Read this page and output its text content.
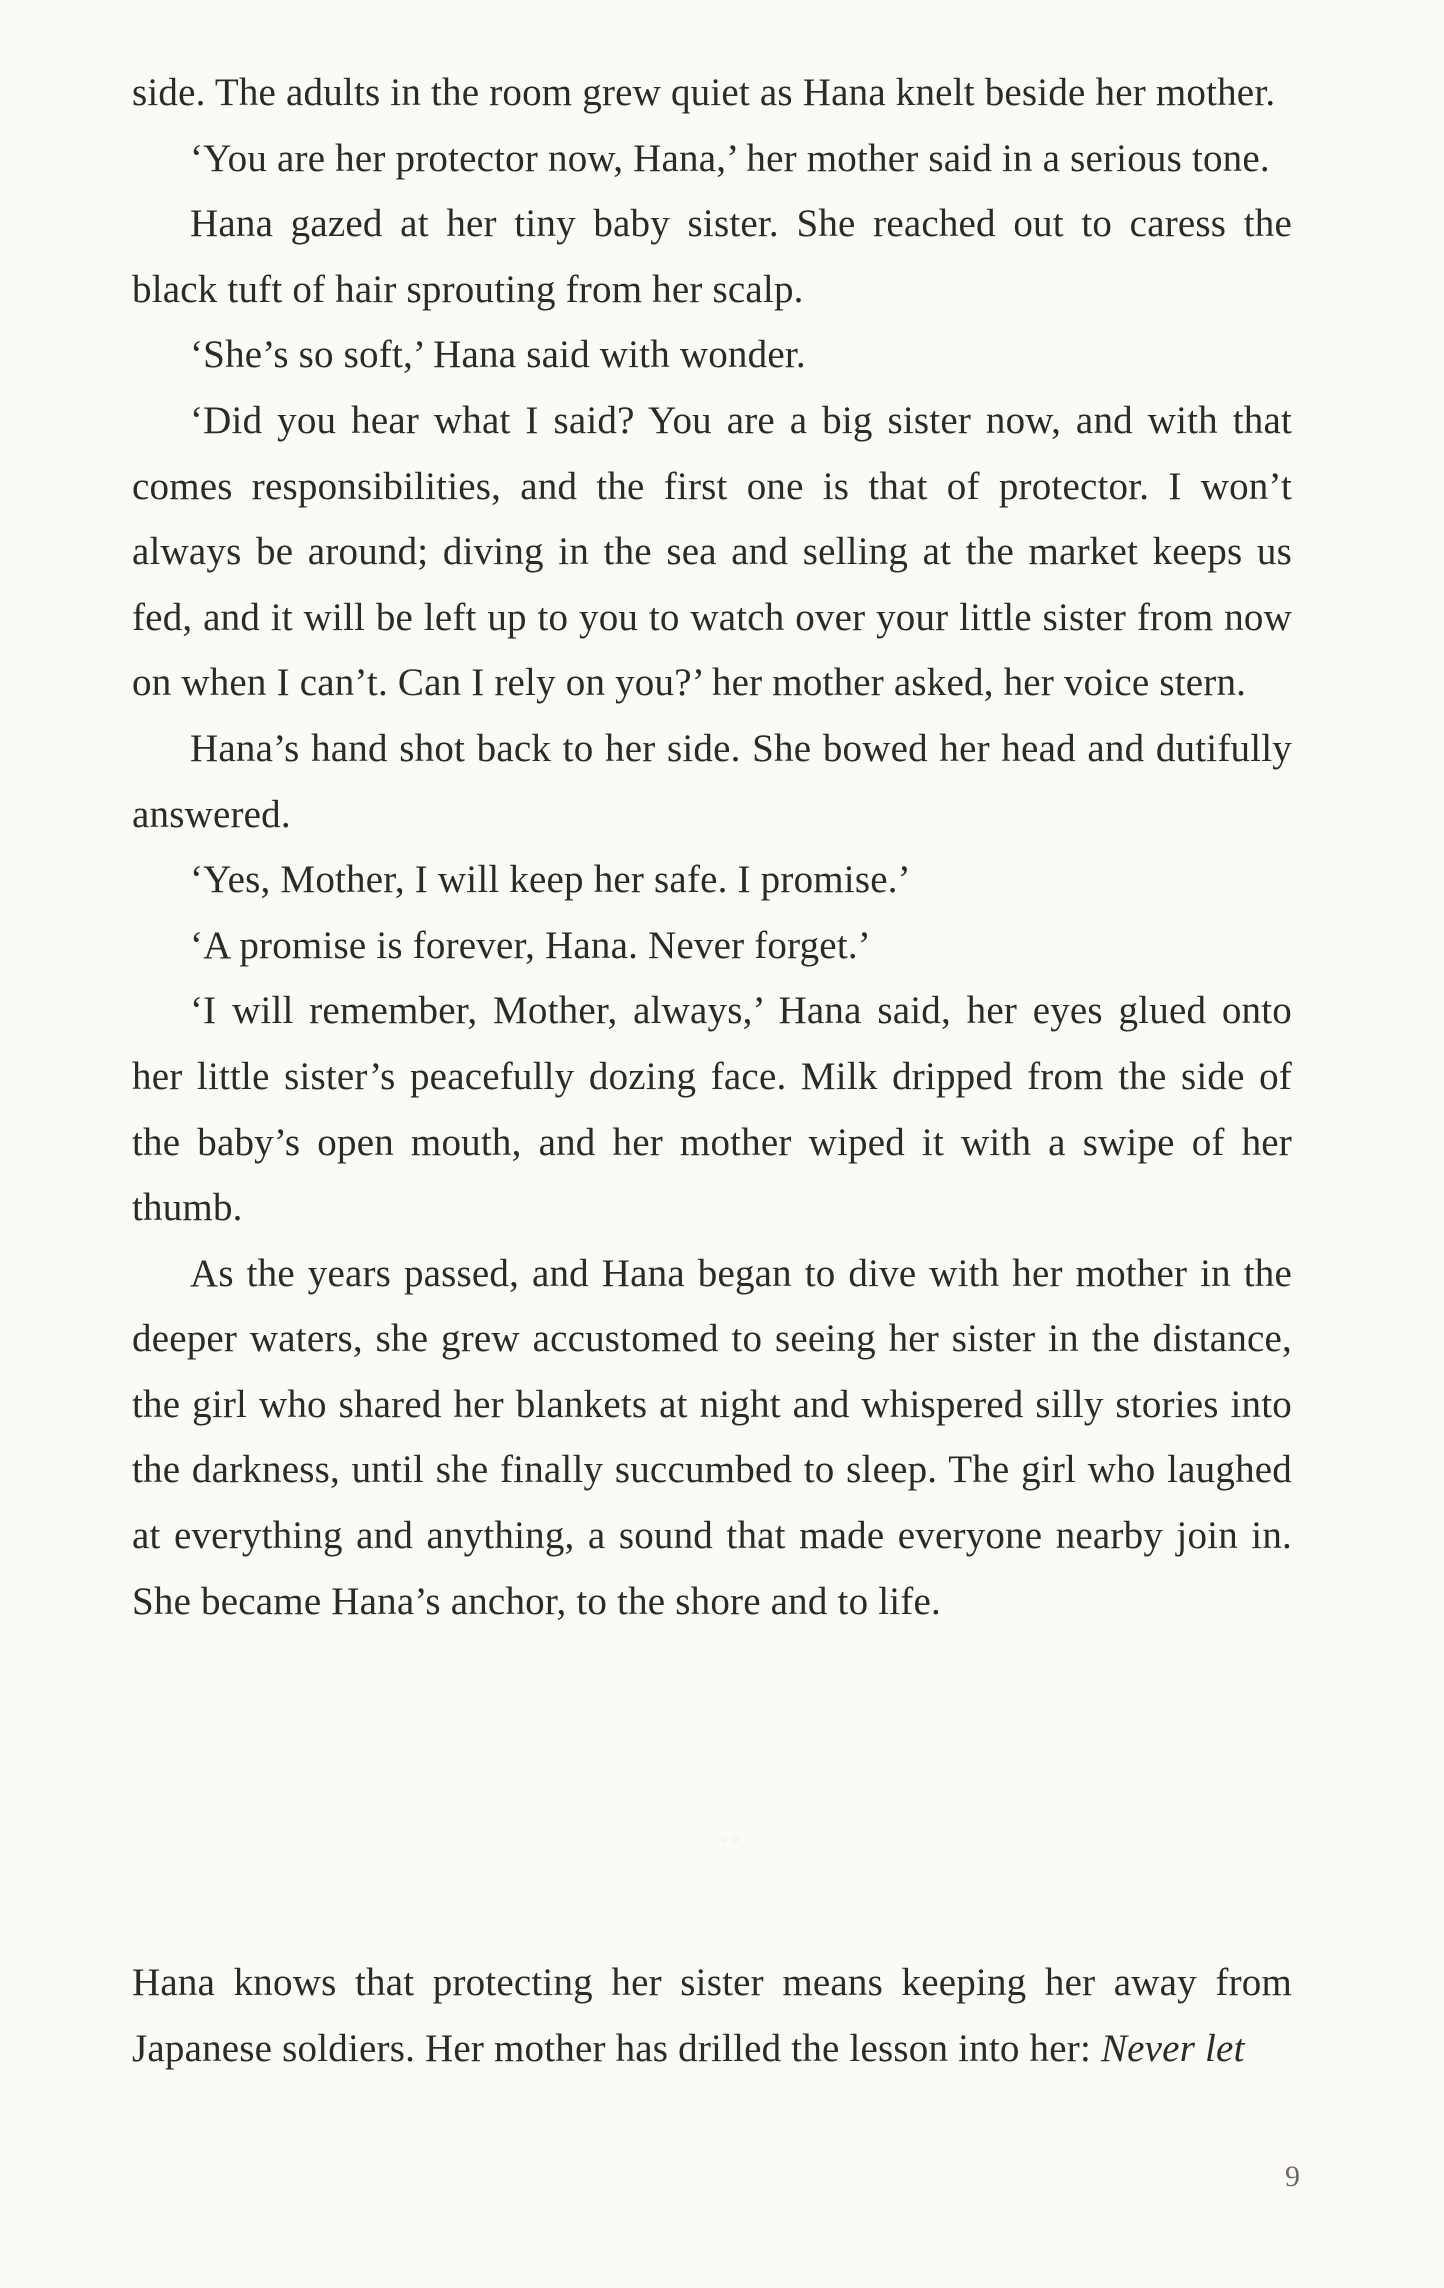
side. The adults in the room grew quiet as Hana knelt beside her mother.

‘You are her protector now, Hana,’ her mother said in a serious tone.

Hana gazed at her tiny baby sister. She reached out to caress the black tuft of hair sprouting from her scalp.

‘She’s so soft,’ Hana said with wonder.

‘Did you hear what I said? You are a big sister now, and with that comes responsibilities, and the first one is that of protector. I won’t always be around; diving in the sea and selling at the market keeps us fed, and it will be left up to you to watch over your little sister from now on when I can’t. Can I rely on you?’ her mother asked, her voice stern.

Hana’s hand shot back to her side. She bowed her head and dutifully answered.

‘Yes, Mother, I will keep her safe. I promise.’

‘A promise is forever, Hana. Never forget.’

‘I will remember, Mother, always,’ Hana said, her eyes glued onto her little sister’s peacefully dozing face. Milk dripped from the side of the baby’s open mouth, and her mother wiped it with a swipe of her thumb.

As the years passed, and Hana began to dive with her mother in the deeper waters, she grew accustomed to seeing her sister in the distance, the girl who shared her blankets at night and whispered silly stories into the darkness, until she finally succumbed to sleep. The girl who laughed at everything and anything, a sound that made everyone nearby join in. She became Hana’s anchor, to the shore and to life.

◦◦

Hana knows that protecting her sister means keeping her away from Japanese soldiers. Her mother has drilled the lesson into her: Never let

9
